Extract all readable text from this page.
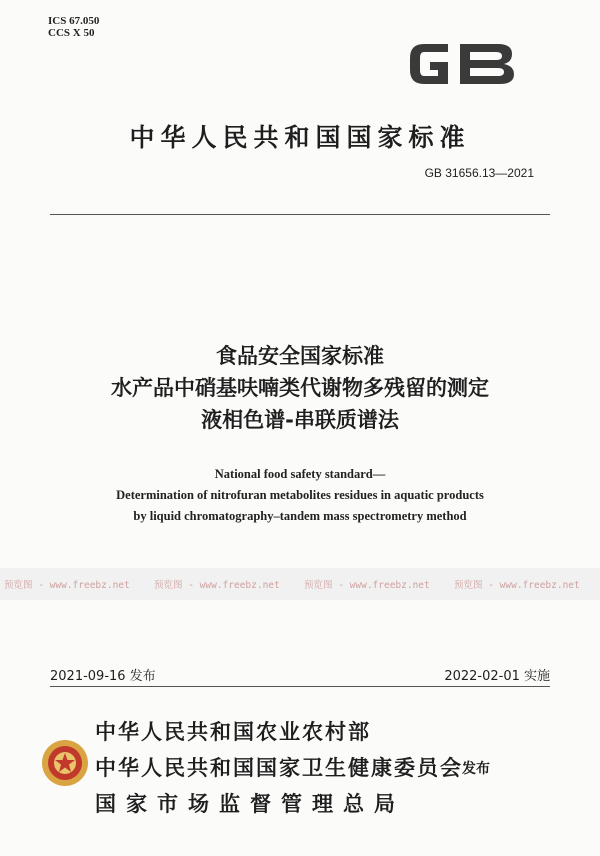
ICS 67.050
CCS X 50
中华人民共和国国家标准
GB 31656.13—2021
食品安全国家标准
水产品中硝基呋喃类代谢物多残留的测定
液相色谱-串联质谱法
National food safety standard—
Determination of nitrofuran metabolites residues in aquatic products
by liquid chromatography–tandem mass spectrometry method
预览图 - www.freebz.net	预览图 - www.freebz.net	预览图 - www.freebz.net	预览图 - www.freebz.net
2021-09-16 发布	2022-02-01 实施
中华人民共和国农业农村部
中华人民共和国国家卫生健康委员会
国家市场监督管理总局
发布
